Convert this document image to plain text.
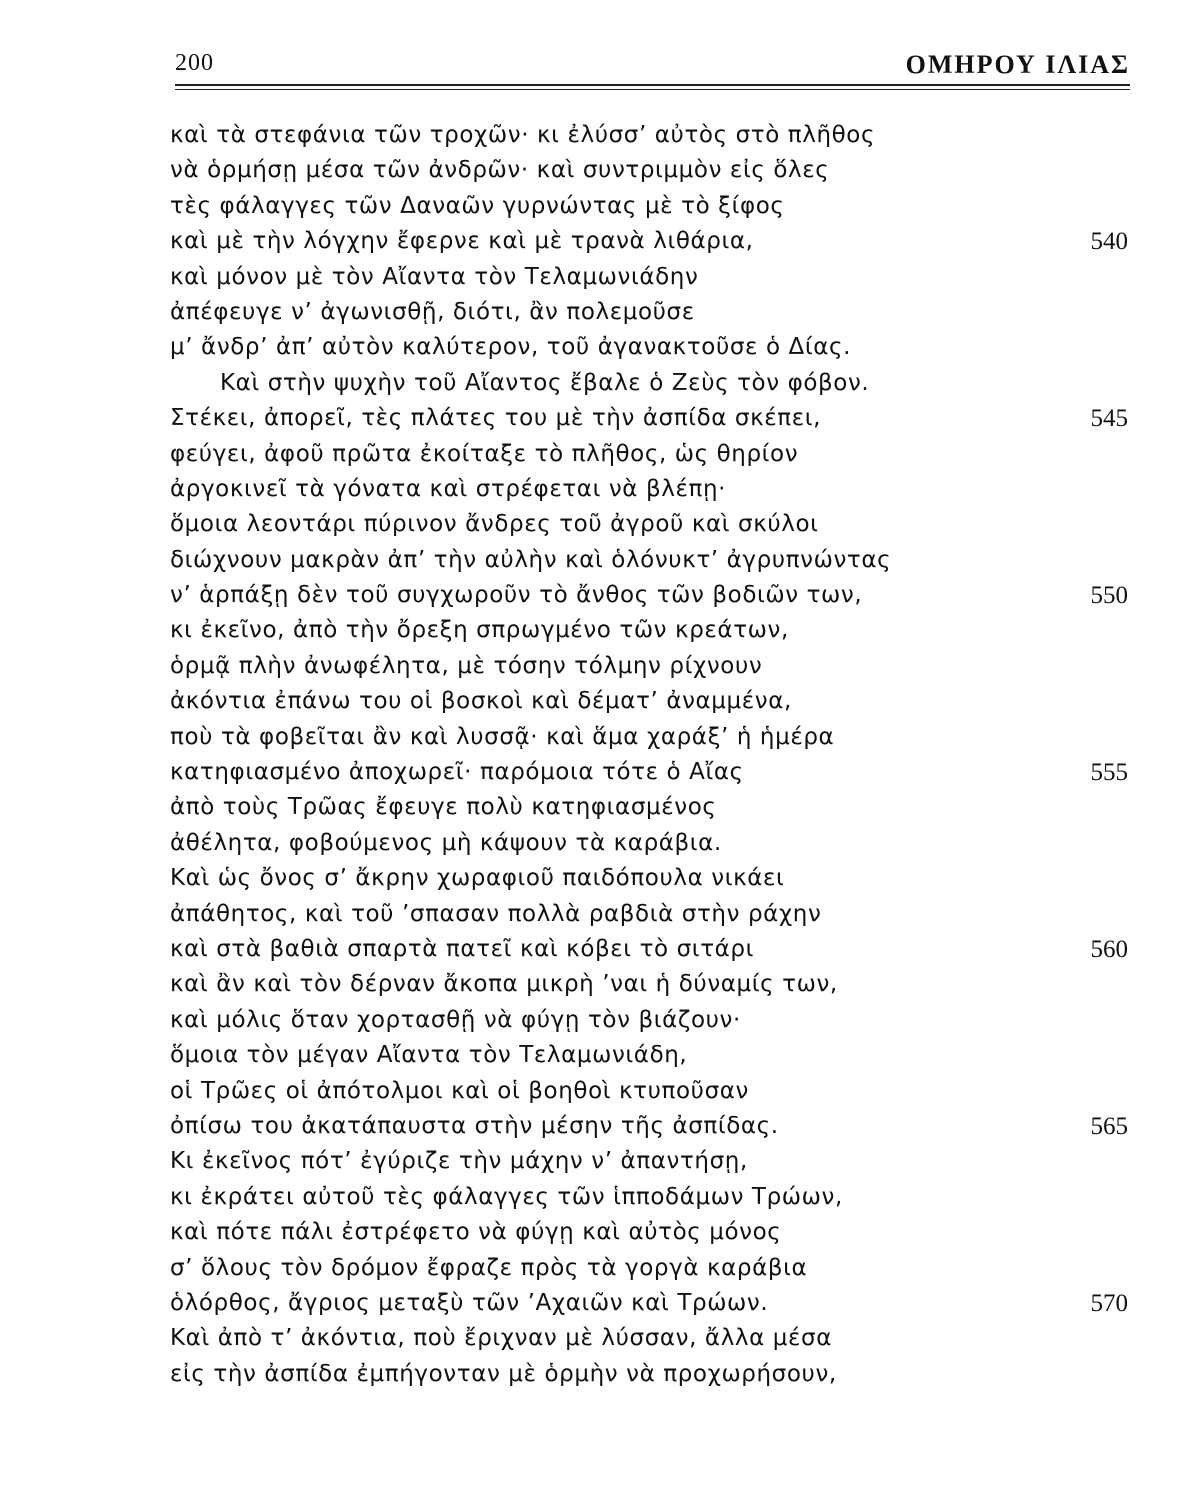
200	ΟΜΗΡΟΥ ΙΛΙΑΣ
καὶ τὰ στεφάνια τῶν τροχῶν· κι ἐλύσσ’ αὐτὸς στὸ πλῆθος
νὰ ὁρμήσῃ μέσα τῶν ἀνδρῶν· καὶ συντριμμὸν εἰς ὅλες
τὲς φάλαγγες τῶν Δαναῶν γυρνώντας μὲ τὸ ξίφος
καὶ μὲ τὴν λόγχην ἔφερνε καὶ μὲ τρανὰ λιθάρια,	540
καὶ μόνον μὲ τὸν Αἴαντα τὸν Τελαμωνιάδην
ἀπέφευγε ν’ ἀγωνισθῇ, διότι, ἂν πολεμοῦσε
μ’ ἄνδρ’ ἀπ’ αὐτὸν καλύτερον, τοῦ ἀγανακτοῦσε ὁ Δίας.
Καὶ στὴν ψυχὴν τοῦ Αἴαντος ἔβαλε ὁ Ζεὺς τὸν φόβον.
Στέκει, ἀπορεῖ, τὲς πλάτες του μὲ τὴν ἀσπίδα σκέπει,	545
φεύγει, ἀφοῦ πρῶτα ἐκοίταξε τὸ πλῆθος, ὡς θηρίον
ἀργοκινεῖ τὰ γόνατα καὶ στρέφεται νὰ βλέπῃ·
ὅμοια λεοντάρι πύρινον ἄνδρες τοῦ ἀγροῦ καὶ σκύλοι
διώχνουν μακρὰν ἀπ’ τὴν αὐλὴν καὶ ὁλόνυκτ’ ἀγρυπνώντας
ν’ ἁρπάξῃ δὲν τοῦ συγχωροῦν τὸ ἄνθος τῶν βοδιῶν των,	550
κι ἐκεῖνο, ἀπὸ τὴν ὄρεξη σπρωγμένο τῶν κρεάτων,
ὁρμᾷ πλὴν ἀνωφέλητα, μὲ τόσην τόλμην ρίχνουν
ἀκόντια ἐπάνω του οἱ βοσκοὶ καὶ δέματ’ ἀναμμένα,
ποὺ τὰ φοβεῖται ἂν καὶ λυσσᾷ· καὶ ἅμα χαράξ’ ἡ ἡμέρα
κατηφιασμένο ἀποχωρεῖ· παρόμοια τότε ὁ Αἴας	555
ἀπὸ τοὺς Τρῶας ἔφευγε πολὺ κατηφιασμένος
ἀθέλητα, φοβούμενος μὴ κάψουν τὰ καράβια.
Καὶ ὡς ὄνος σ’ ἄκρην χωραφιοῦ παιδόπουλα νικάει
ἀπάθητος, καὶ τοῦ ’σπασαν πολλὰ ραβδιὰ στὴν ράχην
καὶ στὰ βαθιὰ σπαρτὰ πατεῖ καὶ κόβει τὸ σιτάρι	560
καὶ ἂν καὶ τὸν δέρναν ἄκοπα μικρὴ ’ναι ἡ δύναμίς των,
καὶ μόλις ὅταν χορτασθῇ νὰ φύγῃ τὸν βιάζουν·
ὅμοια τὸν μέγαν Αἴαντα τὸν Τελαμωνιάδη,
οἱ Τρῶες οἱ ἀπότολμοι καὶ οἱ βοηθοὶ κτυποῦσαν
ὀπίσω του ἀκατάπαυστα στὴν μέσην τῆς ἀσπίδας.	565
Κι ἐκεῖνος πότ’ ἐγύριζε τὴν μάχην ν’ ἀπαντήσῃ,
κι ἐκράτει αὐτοῦ τὲς φάλαγγες τῶν ἱπποδάμων Τρώων,
καὶ πότε πάλι ἐστρέφετο νὰ φύγῃ καὶ αὐτὸς μόνος
σ’ ὅλους τὸν δρόμον ἔφραζε πρὸς τὰ γοργὰ καράβια
ὁλόρθος, ἄγριος μεταξὺ τῶν ’Αχαιῶν καὶ Τρώων.	570
Καὶ ἀπὸ τ’ ἀκόντια, ποὺ ἔριχναν μὲ λύσσαν, ἄλλα μέσα
εἰς τὴν ἀσπίδα ἐμπήγονταν μὲ ὁρμὴν νὰ προχωρήσουν,
